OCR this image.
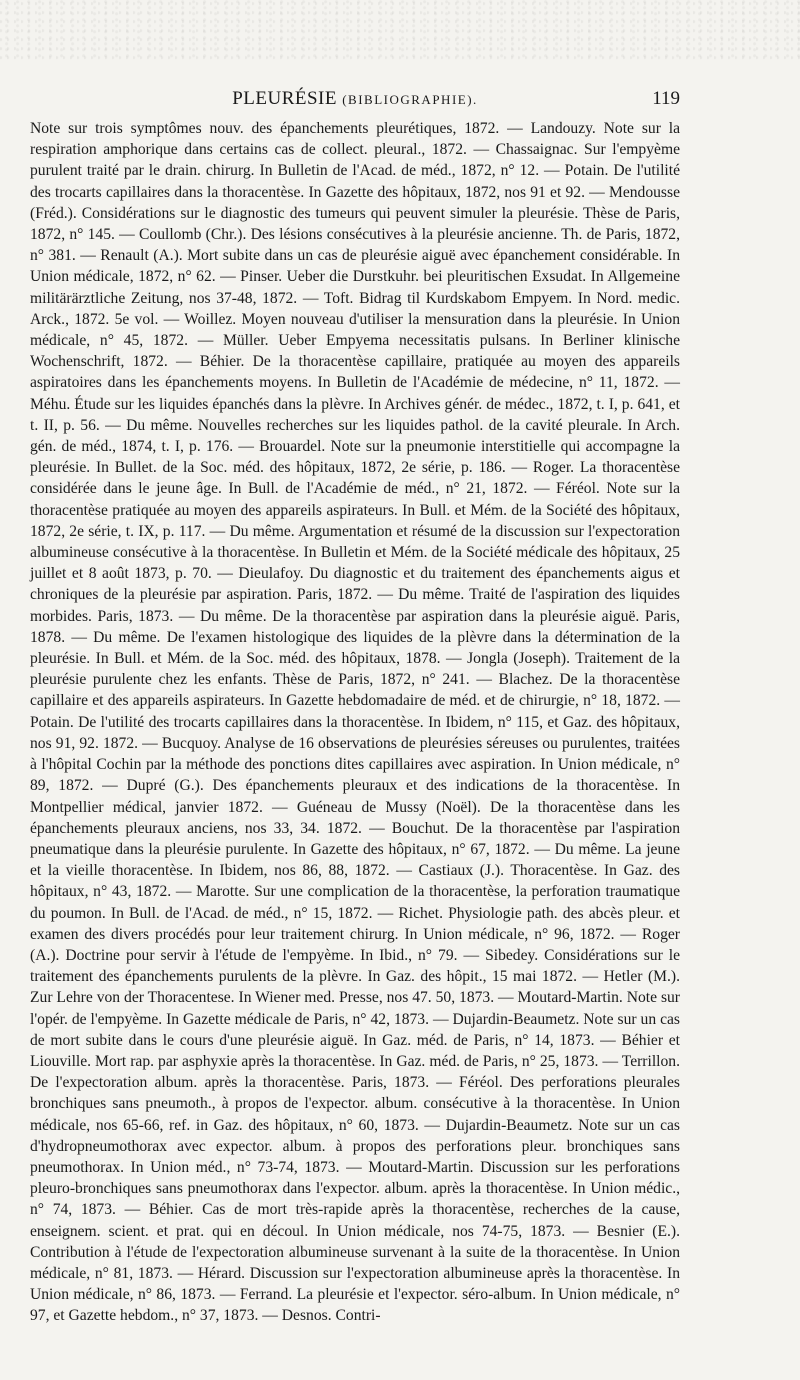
PLEURÉSIE (BIBLIOGRAPHIE).	119

Note sur trois symptômes nouv. des épanchements pleurétiques, 1872. — Landouzy. Note sur la respiration amphorique dans certains cas de collect. pleural., 1872. — Chassaignac. Sur l'empyème purulent traité par le drain. chirurg. In Bulletin de l'Acad. de méd., 1872, n° 12. — Potain. De l'utilité des trocarts capillaires dans la thoracentèse. In Gazette des hôpitaux, 1872, nos 91 et 92. — Mendousse (Fréd.). Considérations sur le diagnostic des tumeurs qui peuvent simuler la pleurésie. Thèse de Paris, 1872, n° 145. — Coullomb (Chr.). Des lésions consécutives à la pleurésie ancienne. Th. de Paris, 1872, n° 381. — Renault (A.). Mort subite dans un cas de pleurésie aiguë avec épanchement considérable. In Union médicale, 1872, n° 62. — Pinser. Ueber die Durstkuhr. bei pleuritischen Exsudat. In Allgemeine militärärztliche Zeitung, nos 37-48, 1872. — Toft. Bidrag til Kurdskabom Empyem. In Nord. medic. Arck., 1872. 5e vol. — Woillez. Moyen nouveau d'utiliser la mensuration dans la pleurésie. In Union médicale, n° 45, 1872. — Müller. Ueber Empyema necessitatis pulsans. In Berliner klinische Wochenschrift, 1872. — Béhier. De la thoracentèse capillaire, pratiquée au moyen des appareils aspiratoires dans les épanchements moyens. In Bulletin de l'Académie de médecine, n° 11, 1872. — Méhu. Étude sur les liquides épanchés dans la plèvre. In Archives génér. de médec., 1872, t. I, p. 641, et t. II, p. 56. — Du même. Nouvelles recherches sur les liquides pathol. de la cavité pleurale. In Arch. gén. de méd., 1874, t. I, p. 176. — Brouardel. Note sur la pneumonie interstitielle qui accompagne la pleurésie. In Bullet. de la Soc. méd. des hôpitaux, 1872, 2e série, p. 186. — Roger. La thoracentèse considérée dans le jeune âge. In Bull. de l'Académie de méd., n° 21, 1872. — Féréol. Note sur la thoracentèse pratiquée au moyen des appareils aspirateurs. In Bull. et Mém. de la Société des hôpitaux, 1872, 2e série, t. IX, p. 117. — Du même. Argumentation et résumé de la discussion sur l'expectoration albumineuse consécutive à la thoracentèse. In Bulletin et Mém. de la Société médicale des hôpitaux, 25 juillet et 8 août 1873, p. 70. — Dieulafoy. Du diagnostic et du traitement des épanchements aigus et chroniques de la pleurésie par aspiration. Paris, 1872. — Du même. Traité de l'aspiration des liquides morbides. Paris, 1873. — Du même. De la thoracentèse par aspiration dans la pleurésie aiguë. Paris, 1878. — Du même. De l'examen histologique des liquides de la plèvre dans la détermination de la pleurésie. In Bull. et Mém. de la Soc. méd. des hôpitaux, 1878. — Jongla (Joseph). Traitement de la pleurésie purulente chez les enfants. Thèse de Paris, 1872, n° 241. — Blachez. De la thoracentèse capillaire et des appareils aspirateurs. In Gazette hebdomadaire de méd. et de chirurgie, n° 18, 1872. — Potain. De l'utilité des trocarts capillaires dans la thoracentèse. In Ibidem, n° 115, et Gaz. des hôpitaux, nos 91, 92. 1872. — Bucquoy. Analyse de 16 observations de pleurésies séreuses ou purulentes, traitées à l'hôpital Cochin par la méthode des ponctions dites capillaires avec aspiration. In Union médicale, n° 89, 1872. — Dupré (G.). Des épanchements pleuraux et des indications de la thoracentèse. In Montpellier médical, janvier 1872. — Guéneau de Mussy (Noël). De la thoracentèse dans les épanchements pleuraux anciens, nos 33, 34. 1872. — Bouchut. De la thoracentèse par l'aspiration pneumatique dans la pleurésie purulente. In Gazette des hôpitaux, n° 67, 1872. — Du même. La jeune et la vieille thoracentèse. In Ibidem, nos 86, 88, 1872. — Castiaux (J.). Thoracentèse. In Gaz. des hôpitaux, n° 43, 1872. — Marotte. Sur une complication de la thoracentèse, la perforation traumatique du poumon. In Bull. de l'Acad. de méd., n° 15, 1872. — Richet. Physiologie path. des abcès pleur. et examen des divers procédés pour leur traitement chirurg. In Union médicale, n° 96, 1872. — Roger (A.). Doctrine pour servir à l'étude de l'empyème. In Ibid., n° 79. — Sibedey. Considérations sur le traitement des épanchements purulents de la plèvre. In Gaz. des hôpit., 15 mai 1872. — Hetler (M.). Zur Lehre von der Thoracentese. In Wiener med. Presse, nos 47. 50, 1873. — Moutard-Martin. Note sur l'opér. de l'empyème. In Gazette médicale de Paris, n° 42, 1873. — Dujardin-Beaumetz. Note sur un cas de mort subite dans le cours d'une pleurésie aiguë. In Gaz. méd. de Paris, n° 14, 1873. — Béhier et Liouville. Mort rap. par asphyxie après la thoracentèse. In Gaz. méd. de Paris, n° 25, 1873. — Terrillon. De l'expectoration album. après la thoracentèse. Paris, 1873. — Féréol. Des perforations pleurales bronchiques sans pneumoth., à propos de l'expector. album. consécutive à la thoracentèse. In Union médicale, nos 65-66, ref. in Gaz. des hôpitaux, n° 60, 1873. — Dujardin-Beaumetz. Note sur un cas d'hydropneumothorax avec expector. album. à propos des perforations pleur. bronchiques sans pneumothorax. In Union méd., n° 73-74, 1873. — Moutard-Martin. Discussion sur les perforations pleuro-bronchiques sans pneumothorax dans l'expector. album. après la thoracentèse. In Union médic., n° 74, 1873. — Béhier. Cas de mort très-rapide après la thoracentèse, recherches de la cause, enseignem. scient. et prat. qui en découl. In Union médicale, nos 74-75, 1873. — Besnier (E.). Contribution à l'étude de l'expectoration albumineuse survenant à la suite de la thoracentèse. In Union médicale, n° 81, 1873. — Hérard. Discussion sur l'expectoration albumineuse après la thoracentèse. In Union médicale, n° 86, 1873. — Ferrand. La pleurésie et l'expector. séro-album. In Union médicale, n° 97, et Gazette hebdom., n° 37, 1873. — Desnos. Contri-
